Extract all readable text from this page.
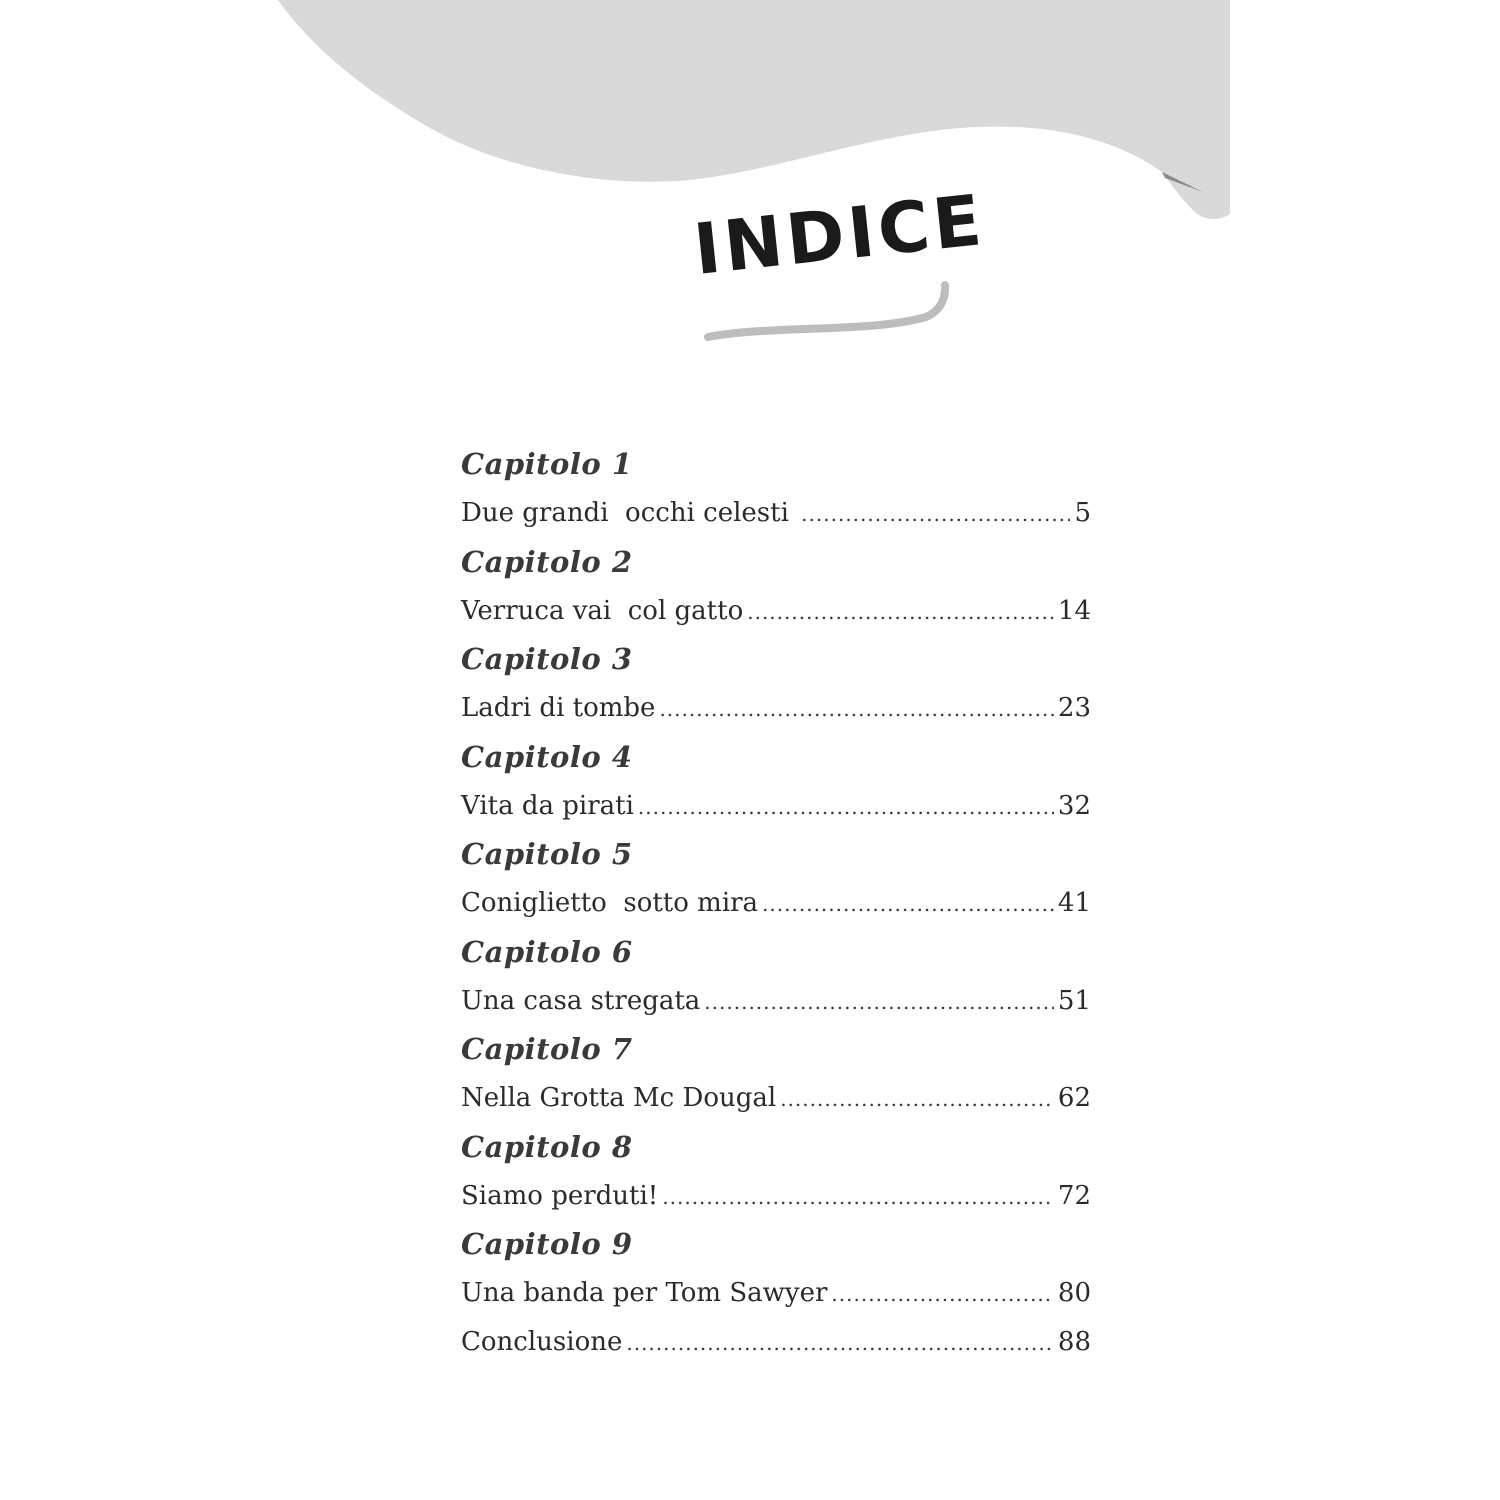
INDICE
Capitolo 1
Due grandi  occhi celesti .....	5
Capitolo 2
Verruca vai  col gatto .....	14
Capitolo 3
Ladri di tombe .....	23
Capitolo 4
Vita da pirati .....	32
Capitolo 5
Coniglietto  sotto mira .....	41
Capitolo 6
Una casa stregata .....	51
Capitolo 7
Nella Grotta Mc Dougal .....	62
Capitolo 8
Siamo perduti! .....	72
Capitolo 9
Una banda per Tom Sawyer .....	80
Conclusione .....	88
